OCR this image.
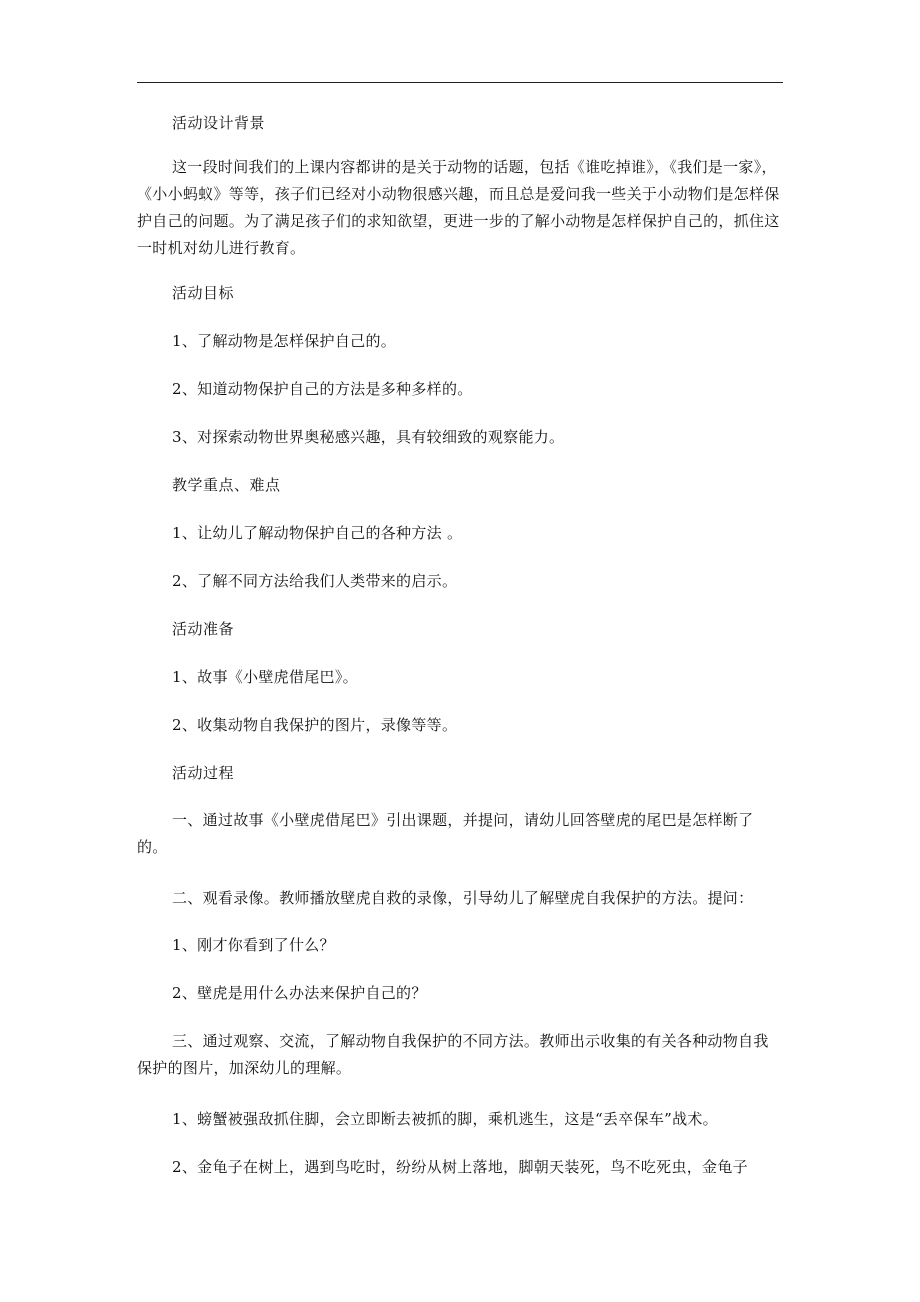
活动设计背景
这一段时间我们的上课内容都讲的是关于动物的话题，包括《谁吃掉谁》，《我们是一家》，《小小蚂蚁》等等，孩子们已经对小动物很感兴趣，而且总是爱问我一些关于小动物们是怎样保护自己的问题。为了满足孩子们的求知欲望，更进一步的了解小动物是怎样保护自己的，抓住这一时机对幼儿进行教育。
活动目标
1、了解动物是怎样保护自己的。
2、知道动物保护自己的方法是多种多样的。
3、对探索动物世界奥秘感兴趣，具有较细致的观察能力。
教学重点、难点
1、让幼儿了解动物保护自己的各种方法 。
2、了解不同方法给我们人类带来的启示。
活动准备
1、故事《小壁虎借尾巴》。
2、收集动物自我保护的图片，录像等等。
活动过程
一、通过故事《小壁虎借尾巴》引出课题，并提问，请幼儿回答壁虎的尾巴是怎样断了的。
二、观看录像。教师播放壁虎自救的录像，引导幼儿了解壁虎自我保护的方法。提问：
1、刚才你看到了什么？
2、壁虎是用什么办法来保护自己的？
三、通过观察、交流，了解动物自我保护的不同方法。教师出示收集的有关各种动物自我保护的图片，加深幼儿的理解。
1、螃蟹被强敌抓住脚，会立即断去被抓的脚，乘机逃生，这是“丢卒保车”战术。
2、金龟子在树上，遇到鸟吃时，纷纷从树上落地，脚朝天装死，鸟不吃死虫，金龟子
